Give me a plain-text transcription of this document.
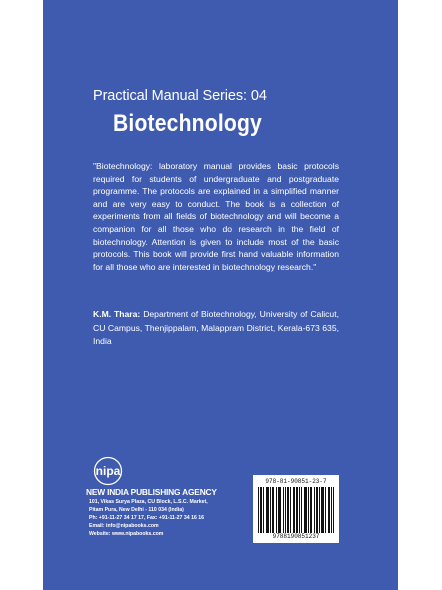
Practical Manual Series: 04
Biotechnology
"Biotechnology: laboratory manual provides basic protocols required for students of undergraduate and postgraduate programme. The protocols are explained in a simplified manner and are very easy to conduct. The book is a collection of experiments from all fields of biotechnology and will become a companion for all those who do research in the field of biotechnology. Attention is given to include most of the basic protocols. This book will provide first hand valuable information for all those who are interested in biotechnology research."
K.M. Thara: Department of Biotechnology, University of Calicut, CU Campus, Thenjippalam, Malappram District, Kerala-673 635, India
nipa
NEW INDIA PUBLISHING AGENCY
101, Vikas Surya Plaza, CU Block, L.S.C. Market,
Pitam Pura, New Delhi - 110 034 (India)
Ph: +91-11-27 34 17 17, Fax: +91-11-27 34 16 16
Email: info@nipabooks.com
Website: www.nipabooks.com
978-81-90851-23-7
9788190851237
